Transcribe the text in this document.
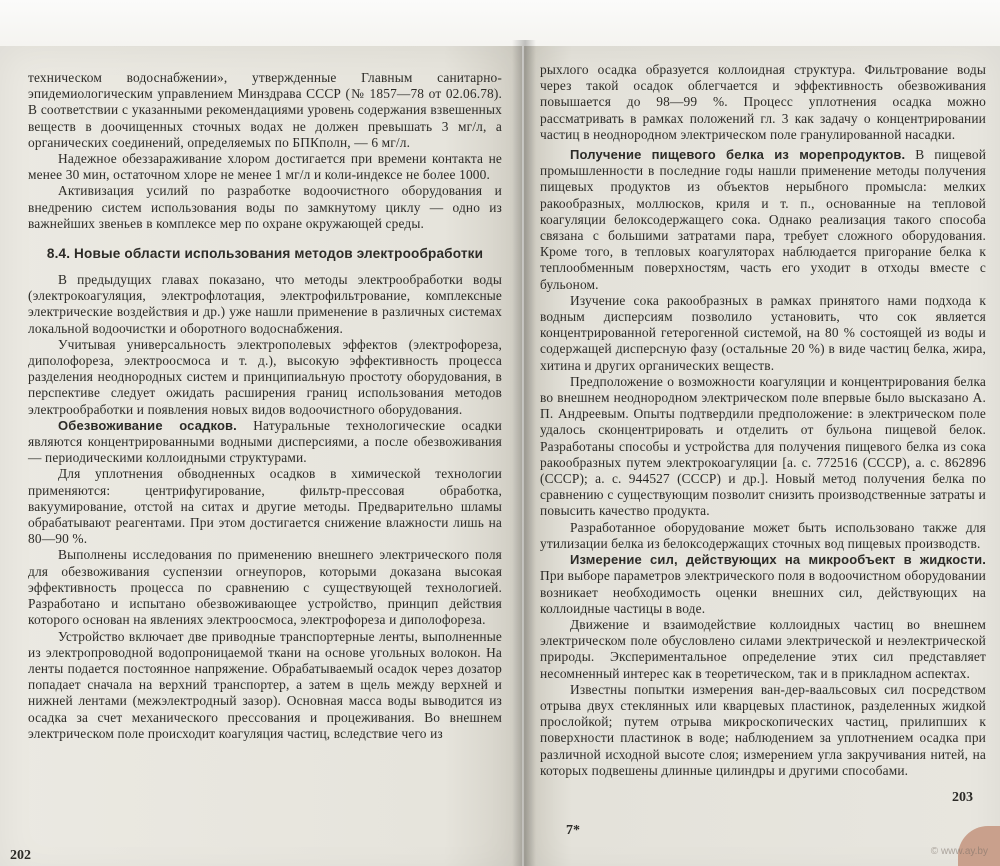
техническом водоснабжении», утвержденные Главным санитарно-эпидемиологическим управлением Минздрава СССР (№ 1857—78 от 02.06.78). В соответствии с указанными рекомендациями уровень содержания взвешенных веществ в доочищенных сточных водах не должен превышать 3 мг/л, а органических соединений, определяемых по БПКполн, — 6 мг/л.

Надежное обеззараживание хлором достигается при времени контакта не менее 30 мин, остаточном хлоре не менее 1 мг/л и коли-индексе не более 1000.

Активизация усилий по разработке водоочистного оборудования и внедрению систем использования воды по замкнутому циклу — одно из важнейших звеньев в комплексе мер по охране окружающей среды.

8.4. Новые области использования методов электрообработки

В предыдущих главах показано, что методы электрообработки воды (электрокоагуляция, электрофлотация, электрофильтрование, комплексные электрические воздействия и др.) уже нашли применение в различных системах локальной водоочистки и оборотного водоснабжения.

Учитывая универсальность электрополевых эффектов (электрофореза, диполофореза, электроосмоса и т. д.), высокую эффективность процесса разделения неоднородных систем и принципиальную простоту оборудования, в перспективе следует ожидать расширения границ использования методов электрообработки и появления новых видов водоочистного оборудования.

Обезвоживание осадков. Натуральные технологические осадки являются концентрированными водными дисперсиями, а после обезвоживания — периодическими коллоидными структурами.

Для уплотнения обводненных осадков в химической технологии применяются: центрифугирование, фильтр-прессовая обработка, вакуумирование, отстой на ситах и другие методы. Предварительно шламы обрабатывают реагентами. При этом достигается снижение влажности лишь на 80—90 %.

Выполнены исследования по применению внешнего электрического поля для обезвоживания суспензии огнеупоров, которыми доказана высокая эффективность процесса по сравнению с существующей технологией. Разработано и испытано обезвоживающее устройство, принцип действия которого основан на явлениях электроосмоса, электрофореза и диполофореза.

Устройство включает две приводные транспортерные ленты, выполненные из электропроводной водопроницаемой ткани на основе угольных волокон. На ленты подается постоянное напряжение. Обрабатываемый осадок через дозатор попадает сначала на верхний транспортер, а затем в щель между верхней и нижней лентами (межэлектродный зазор). Основная масса воды выводится из осадка за счет механического прессования и процеживания. Во внешнем электрическом поле происходит коагуляция частиц, вследствие чего из

рыхлого осадка образуется коллоидная структура. Фильтрование воды через такой осадок облегчается и эффективность обезвоживания повышается до 98—99 %. Процесс уплотнения осадка можно рассматривать в рамках положений гл. 3 как задачу о концентрировании частиц в неоднородном электрическом поле гранулированной насадки.

Получение пищевого белка из морепродуктов. В пищевой промышленности в последние годы нашли применение методы получения пищевых продуктов из объектов нерыбного промысла: мелких ракообразных, моллюсков, криля и т. п., основанные на тепловой коагуляции белоксодержащего сока. Однако реализация такого способа связана с большими затратами пара, требует сложного оборудования. Кроме того, в тепловых коагуляторах наблюдается пригорание белка к теплообменным поверхностям, часть его уходит в отходы вместе с бульоном.

Изучение сока ракообразных в рамках принятого нами подхода к водным дисперсиям позволило установить, что сок является концентрированной гетерогенной системой, на 80 % состоящей из воды и содержащей дисперсную фазу (остальные 20 %) в виде частиц белка, жира, хитина и других органических веществ.

Предположение о возможности коагуляции и концентрирования белка во внешнем неоднородном электрическом поле впервые было высказано А. П. Андреевым. Опыты подтвердили предположение: в электрическом поле удалось сконцентрировать и отделить от бульона пищевой белок. Разработаны способы и устройства для получения пищевого белка из сока ракообразных путем электрокоагуляции [а. с. 772516 (СССР), а. с. 862896 (СССР); а. с. 944527 (СССР) и др.]. Новый метод получения белка по сравнению с существующим позволит снизить производственные затраты и повысить качество продукта.

Разработанное оборудование может быть использовано также для утилизации белка из белоксодержащих сточных вод пищевых производств.

Измерение сил, действующих на микрообъект в жидкости. При выборе параметров электрического поля в водоочистном оборудовании возникает необходимость оценки внешних сил, действующих на коллоидные частицы в воде.

Движение и взаимодействие коллоидных частиц во внешнем электрическом поле обусловлено силами электрической и неэлектрической природы. Экспериментальное определение этих сил представляет несомненный интерес как в теоретическом, так и в прикладном аспектах.

Известны попытки измерения ван-дер-ваальсовых сил посредством отрыва двух стеклянных или кварцевых пластинок, разделенных жидкой прослойкой; путем отрыва микроскопических частиц, прилипших к поверхности пластинок в воде; наблюдением за уплотнением осадка при различной исходной высоте слоя; измерением угла закручивания нитей, на которых подвешены длинные цилиндры и другими способами.

202
203
7*
© www.ay.by
